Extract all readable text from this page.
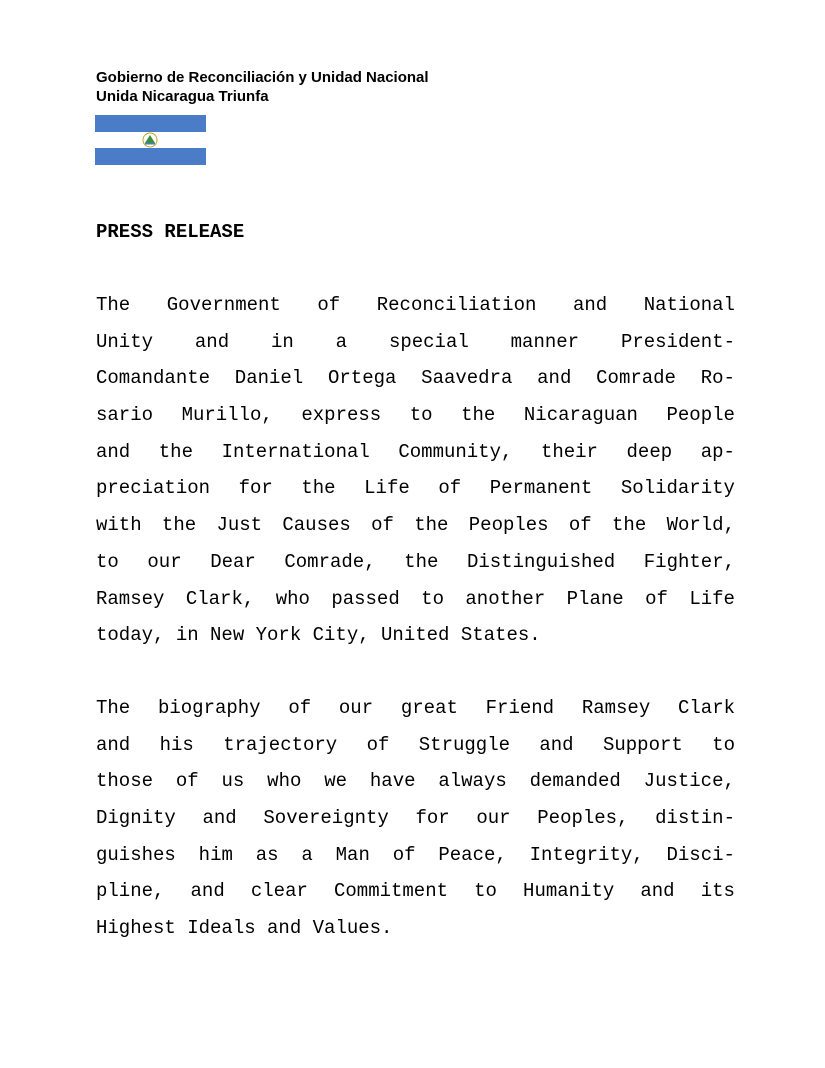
Gobierno de Reconciliación y Unidad Nacional
Unida Nicaragua Triunfa
PRESS RELEASE
The Government of Reconciliation and National
Unity and in a special manner President-
Comandante Daniel Ortega Saavedra and Comrade Ro-
sario Murillo, express to the Nicaraguan People
and the International Community, their deep ap-
preciation for the Life of Permanent Solidarity
with the Just Causes of the Peoples of the World,
to our Dear Comrade, the Distinguished Fighter,
Ramsey Clark, who passed to another Plane of Life
today, in New York City, United States.
The biography of our great Friend Ramsey Clark
and his trajectory of Struggle and Support to
those of us who we have always demanded Justice,
Dignity and Sovereignty for our Peoples, distin-
guishes him as a Man of Peace, Integrity, Disci-
pline, and clear Commitment to Humanity and its
Highest Ideals and Values.
